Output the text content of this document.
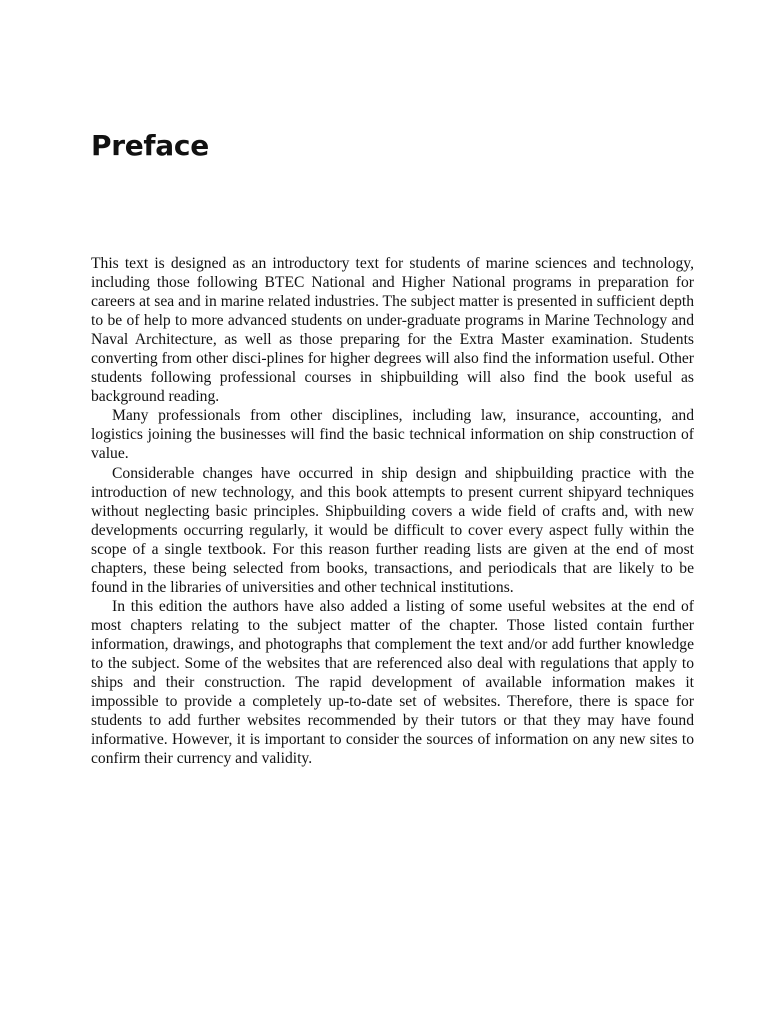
Preface

This text is designed as an introductory text for students of marine sciences and technology, including those following BTEC National and Higher National programs in preparation for careers at sea and in marine related industries. The subject matter is presented in sufficient depth to be of help to more advanced students on under-graduate programs in Marine Technology and Naval Architecture, as well as those preparing for the Extra Master examination. Students converting from other disci-plines for higher degrees will also find the information useful. Other students following professional courses in shipbuilding will also find the book useful as background reading.

Many professionals from other disciplines, including law, insurance, accounting, and logistics joining the businesses will find the basic technical information on ship construction of value.

Considerable changes have occurred in ship design and shipbuilding practice with the introduction of new technology, and this book attempts to present current shipyard techniques without neglecting basic principles. Shipbuilding covers a wide field of crafts and, with new developments occurring regularly, it would be difficult to cover every aspect fully within the scope of a single textbook. For this reason further reading lists are given at the end of most chapters, these being selected from books, transactions, and periodicals that are likely to be found in the libraries of universities and other technical institutions.

In this edition the authors have also added a listing of some useful websites at the end of most chapters relating to the subject matter of the chapter. Those listed contain further information, drawings, and photographs that complement the text and/or add further knowledge to the subject. Some of the websites that are referenced also deal with regulations that apply to ships and their construction. The rapid development of available information makes it impossible to provide a completely up-to-date set of websites. Therefore, there is space for students to add further websites recommended by their tutors or that they may have found informative. However, it is important to consider the sources of information on any new sites to confirm their currency and validity.
